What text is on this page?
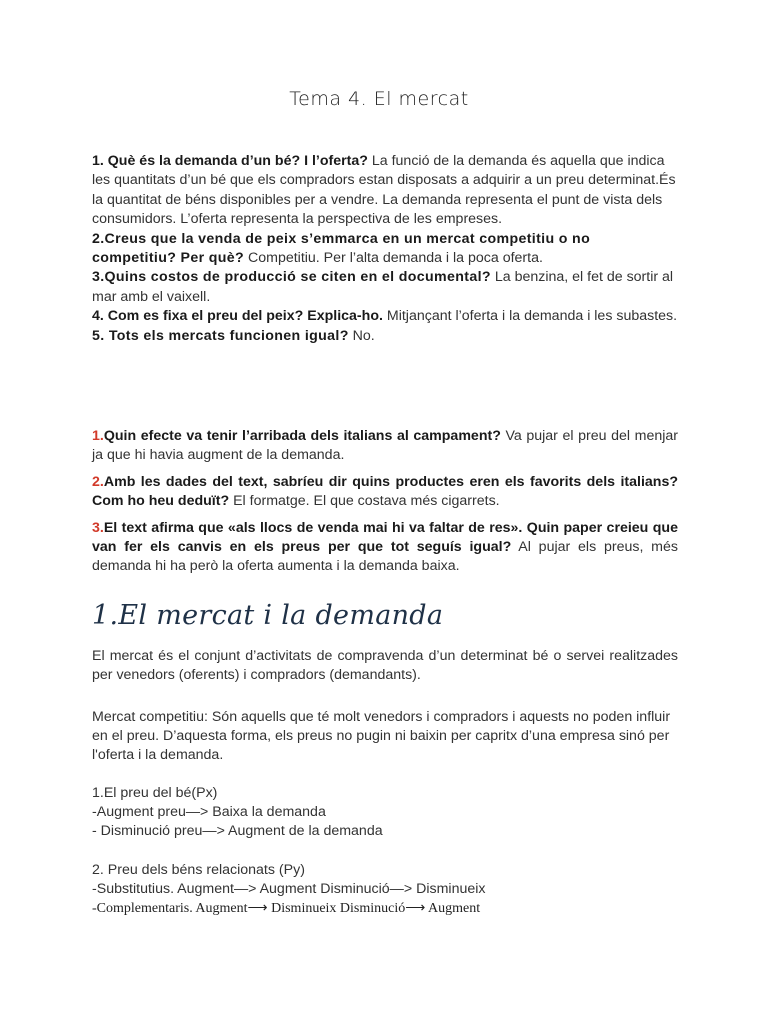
Tema 4. El mercat

1. Què és la demanda d’un bé? I l’oferta? La funció de la demanda és aquella que indica les quantitats d’un bé que els compradors estan disposats a adquirir a un preu determinat.És la quantitat de béns disponibles per a vendre. La demanda representa el punt de vista dels consumidors. L’oferta representa la perspectiva de les empreses.

2.Creus que la venda de peix s’emmarca en un mercat competitiu o no competitiu? Per què? Competitiu. Per l’alta demanda i la poca oferta.

3.Quins costos de producció se citen en el documental? La benzina, el fet de sortir al mar amb el vaixell.

4. Com es fixa el preu del peix? Explica-ho. Mitjançant l’oferta i la demanda i les subastes.

5. Tots els mercats funcionen igual? No.

1.Quin efecte va tenir l’arribada dels italians al campament? Va pujar el preu del menjar ja que hi havia augment de la demanda.

2.Amb les dades del text, sabríeu dir quins productes eren els favorits dels italians? Com ho heu deduït? El formatge. El que costava més cigarrets.

3.El text afirma que «als llocs de venda mai hi va faltar de res». Quin paper creieu que van fer els canvis en els preus per que tot seguís igual? Al pujar els preus, més demanda hi ha però la oferta aumenta i la demanda baixa.

1.El mercat i la demanda
El mercat és el conjunt d’activitats de compravenda d’un determinat bé o servei realitzades per venedors (oferents) i compradors (demandants).
Mercat competitiu: Són aquells que té molt venedors i compradors i aquests no poden influir en el preu. D’aquesta forma, els preus no pugin ni baixin per capritx d’una empresa sinó per l'oferta i la demanda.

1.El preu del bé(Px)

-Augment preu—> Baixa la demanda

- Disminució preu—> Augment de la demanda

2. Preu dels béns relacionats (Py)

-Substitutius. Augment—> Augment Disminució—> Disminueix

-Complementaris. Augment⟶ Disminueix Disminució⟶ Augment
